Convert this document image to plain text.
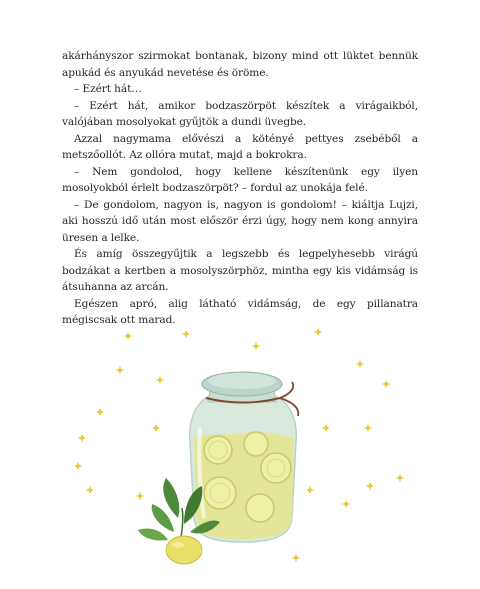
akárhányszor szirmokat bontanak, bizony mind ott lüktet bennük apukád és anyukád nevetése és öröme.

– Ezért hát…

– Ezért hát, amikor bodzaszörpöt készítek a virágaikból, valójában mosolyokat gyűjtök a dundi üvegbe.

Azzal nagymama elővészi a kötényé pettyes zsebéből a metszőollót. Az ollóra mutat, majd a bokrokra.

– Nem gondolod, hogy kellene készítenünk egy ilyen mosolyokból érlelt bodzaszörpöt? – fordul az unokája felé.

– De gondolom, nagyon is, nagyon is gondolom! – kiáltja Lujzi, aki hosszú idő után most először érzi úgy, hogy nem kong annyira üresen a lelke.

És amíg összegyűjtik a legszebb és legpelyhesebb virágú bodzákat a kertben a mosolyszörphöz, mintha egy kis vidámság is átsuhanna az arcán.

Egészen apró, alig látható vidámság, de egy pillanatra mégiscsak ott marad.
